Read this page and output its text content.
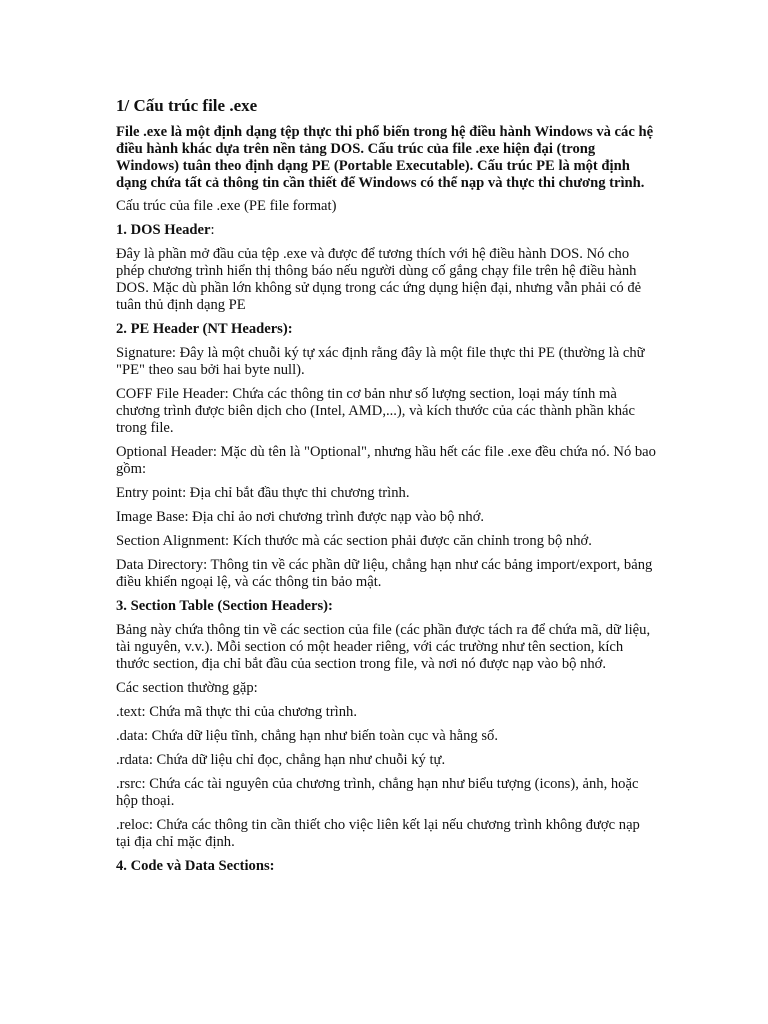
1/ Cấu trúc file .exe

File .exe là một định dạng tệp thực thi phổ biến trong hệ điều hành Windows và các hệ điều hành khác dựa trên nền tảng DOS. Cấu trúc của file .exe hiện đại (trong Windows) tuân theo định dạng PE (Portable Executable). Cấu trúc PE là một định dạng chứa tất cả thông tin cần thiết để Windows có thể nạp và thực thi chương trình.

Cấu trúc của file .exe (PE file format)

1. DOS Header:

Đây là phần mở đầu của tệp .exe và được để tương thích với hệ điều hành DOS. Nó cho phép chương trình hiển thị thông báo nếu người dùng cố gắng chạy file trên hệ điều hành DOS. Mặc dù phần lớn không sử dụng trong các ứng dụng hiện đại, nhưng vẫn phải có đẻ tuân thủ định dạng PE

2. PE Header (NT Headers):

Signature: Đây là một chuỗi ký tự xác định rằng đây là một file thực thi PE (thường là chữ "PE" theo sau bởi hai byte null).

COFF File Header: Chứa các thông tin cơ bản như số lượng section, loại máy tính mà chương trình được biên dịch cho (Intel, AMD,...), và kích thước của các thành phần khác trong file.

Optional Header: Mặc dù tên là "Optional", nhưng hầu hết các file .exe đều chứa nó. Nó bao gồm:

Entry point: Địa chỉ bắt đầu thực thi chương trình.

Image Base: Địa chỉ ảo nơi chương trình được nạp vào bộ nhớ.

Section Alignment: Kích thước mà các section phải được căn chỉnh trong bộ nhớ.

Data Directory: Thông tin về các phần dữ liệu, chẳng hạn như các bảng import/export, bảng điều khiển ngoại lệ, và các thông tin bảo mật.

3. Section Table (Section Headers):

Bảng này chứa thông tin về các section của file (các phần được tách ra để chứa mã, dữ liệu, tài nguyên, v.v.). Mỗi section có một header riêng, với các trường như tên section, kích thước section, địa chỉ bắt đầu của section trong file, và nơi nó được nạp vào bộ nhớ.

Các section thường gặp:

.text: Chứa mã thực thi của chương trình.

.data: Chứa dữ liệu tĩnh, chẳng hạn như biến toàn cục và hằng số.

.rdata: Chứa dữ liệu chỉ đọc, chẳng hạn như chuỗi ký tự.

.rsrc: Chứa các tài nguyên của chương trình, chẳng hạn như biểu tượng (icons), ảnh, hoặc hộp thoại.

.reloc: Chứa các thông tin cần thiết cho việc liên kết lại nếu chương trình không được nạp tại địa chỉ mặc định.

4. Code và Data Sections:
